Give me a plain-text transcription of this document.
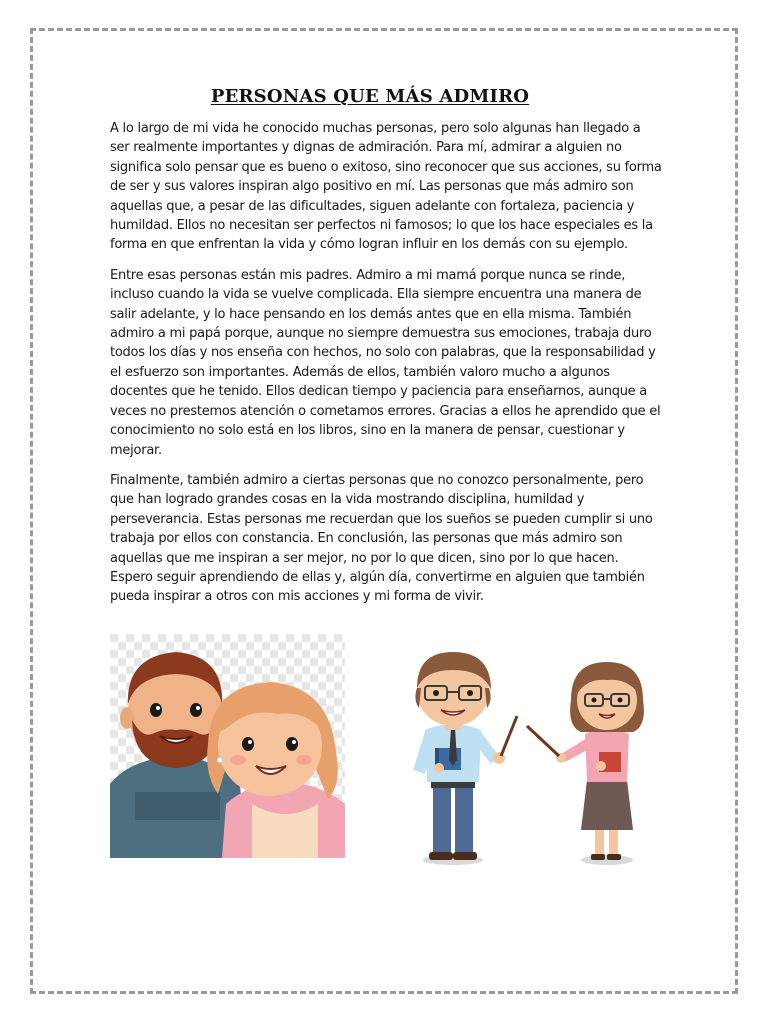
PERSONAS QUE MÁS ADMIRO

A lo largo de mi vida he conocido muchas personas, pero solo algunas han llegado a ser realmente importantes y dignas de admiración. Para mí, admirar a alguien no significa solo pensar que es bueno o exitoso, sino reconocer que sus acciones, su forma de ser y sus valores inspiran algo positivo en mí. Las personas que más admiro son aquellas que, a pesar de las dificultades, siguen adelante con fortaleza, paciencia y humildad. Ellos no necesitan ser perfectos ni famosos; lo que los hace especiales es la forma en que enfrentan la vida y cómo logran influir en los demás con su ejemplo.

Entre esas personas están mis padres. Admiro a mi mamá porque nunca se rinde, incluso cuando la vida se vuelve complicada. Ella siempre encuentra una manera de salir adelante, y lo hace pensando en los demás antes que en ella misma. También admiro a mi papá porque, aunque no siempre demuestra sus emociones, trabaja duro todos los días y nos enseña con hechos, no solo con palabras, que la responsabilidad y el esfuerzo son importantes. Además de ellos, también valoro mucho a algunos docentes que he tenido. Ellos dedican tiempo y paciencia para enseñarnos, aunque a veces no prestemos atención o cometamos errores. Gracias a ellos he aprendido que el conocimiento no solo está en los libros, sino en la manera de pensar, cuestionar y mejorar.

Finalmente, también admiro a ciertas personas que no conozco personalmente, pero que han logrado grandes cosas en la vida mostrando disciplina, humildad y perseverancia. Estas personas me recuerdan que los sueños se pueden cumplir si uno trabaja por ellos con constancia. En conclusión, las personas que más admiro son aquellas que me inspiran a ser mejor, no por lo que dicen, sino por lo que hacen. Espero seguir aprendiendo de ellas y, algún día, convertirme en alguien que también pueda inspirar a otros con mis acciones y mi forma de vivir.
